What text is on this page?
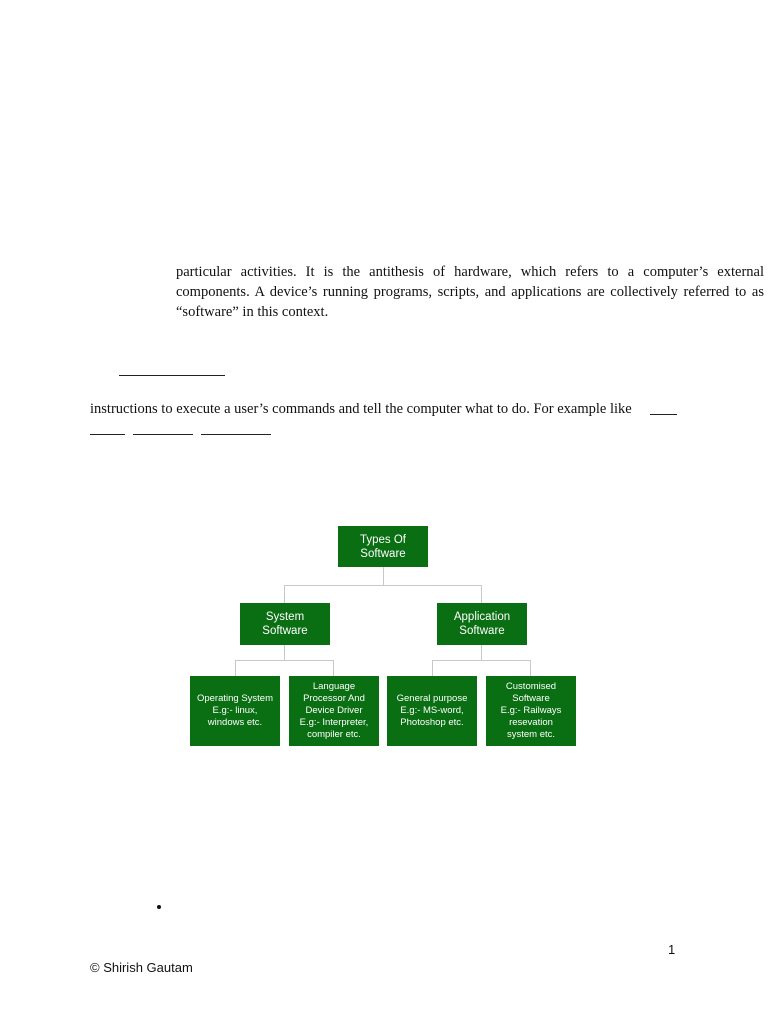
particular activities. It is the antithesis of hardware, which refers to a computer’s external components. A device’s running programs, scripts, and applications are collectively referred to as “software” in this context.
instructions to execute a user’s commands and tell the computer what to do. For example like
Types Of
Software
System
Software
Application
Software
Operating System
E.g:- linux,
windows etc.
Language
Processor And
Device Driver
E.g:- Interpreter,
compiler etc.
General purpose
E.g:- MS-word,
Photoshop etc.
Customised
Software
E.g:- Railways
resevation
system etc.
1
© Shirish Gautam
